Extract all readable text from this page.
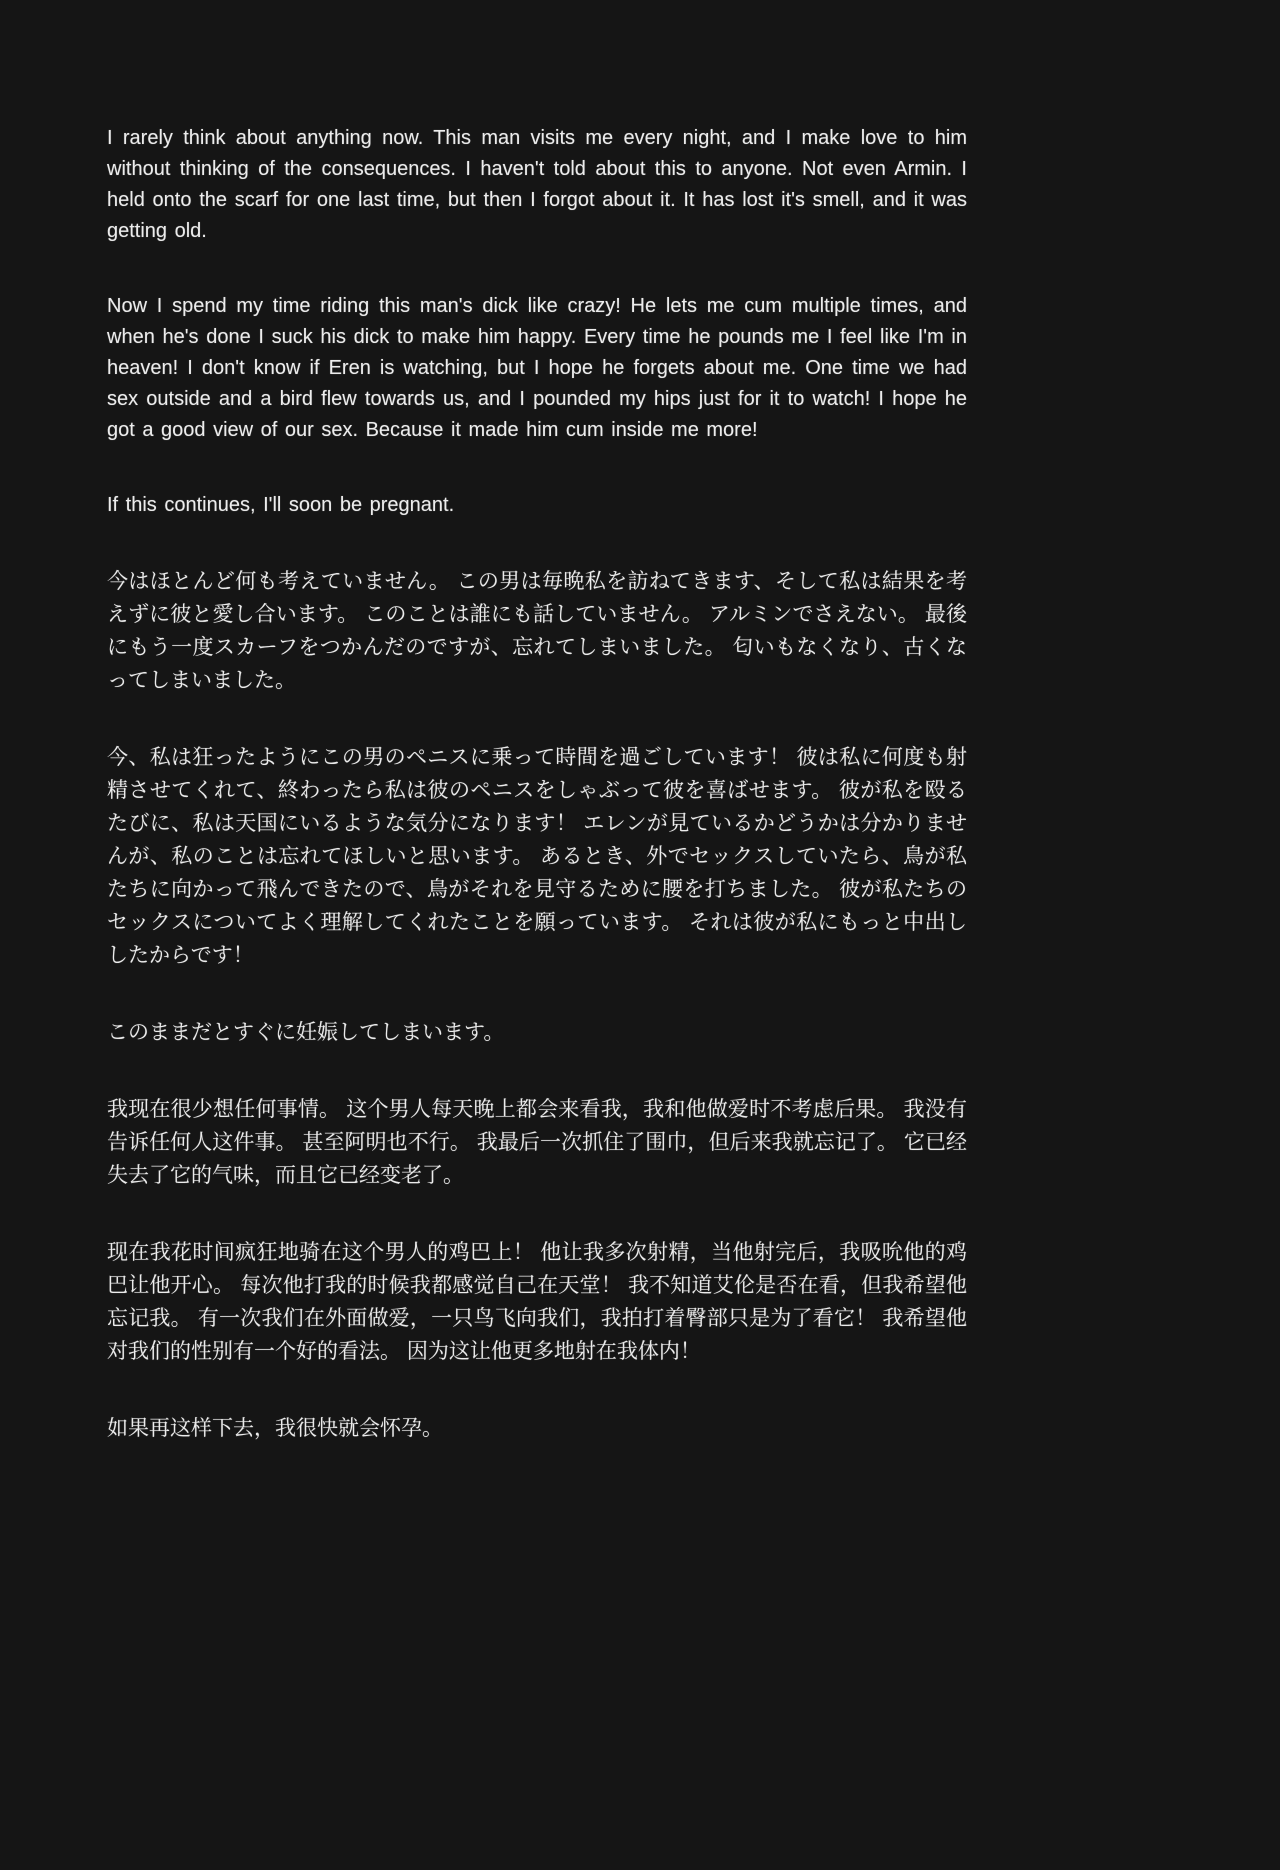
I rarely think about anything now. This man visits me every night, and I make love to him without thinking of the consequences. I haven't told about this to anyone. Not even Armin. I held onto the scarf for one last time, but then I forgot about it. It has lost it's smell, and it was getting old.

Now I spend my time riding this man's dick like crazy! He lets me cum multiple times, and when he's done I suck his dick to make him happy. Every time he pounds me I feel like I'm in heaven! I don't know if Eren is watching, but I hope he forgets about me. One time we had sex outside and a bird flew towards us, and I pounded my hips just for it to watch! I hope he got a good view of our sex. Because it made him cum inside me more!

If this continues, I'll soon be pregnant.

今はほとんど何も考えていません。 この男は毎晩私を訪ねてきます、そして私は結果を考えずに彼と愛し合います。 このことは誰にも話していません。 アルミンでさえない。 最後にもう一度スカーフをつかんだのですが、忘れてしまいました。 匂いもなくなり、古くなってしまいました。

今、私は狂ったようにこの男のペニスに乗って時間を過ごしています！ 彼は私に何度も射精させてくれて、終わったら私は彼のペニスをしゃぶって彼を喜ばせます。 彼が私を殴るたびに、私は天国にいるような気分になります！ エレンが見ているかどうかは分かりませんが、私のことは忘れてほしいと思います。 あるとき、外でセックスしていたら、鳥が私たちに向かって飛んできたので、鳥がそれを見守るために腰を打ちました。 彼が私たちのセックスについてよく理解してくれたことを願っています。 それは彼が私にもっと中出ししたからです！

このままだとすぐに妊娠してしまいます。

我现在很少想任何事情。 这个男人每天晚上都会来看我，我和他做爱时不考虑后果。 我没有告诉任何人这件事。 甚至阿明也不行。 我最后一次抓住了围巾，但后来我就忘记了。 它已经失去了它的气味，而且它已经变老了。

现在我花时间疯狂地骑在这个男人的鸡巴上！ 他让我多次射精，当他射完后，我吸吮他的鸡巴让他开心。 每次他打我的时候我都感觉自己在天堂！ 我不知道艾伦是否在看，但我希望他忘记我。 有一次我们在外面做爱，一只鸟飞向我们，我拍打着臀部只是为了看它！ 我希望他对我们的性别有一个好的看法。 因为这让他更多地射在我体内！

如果再这样下去，我很快就会怀孕。
